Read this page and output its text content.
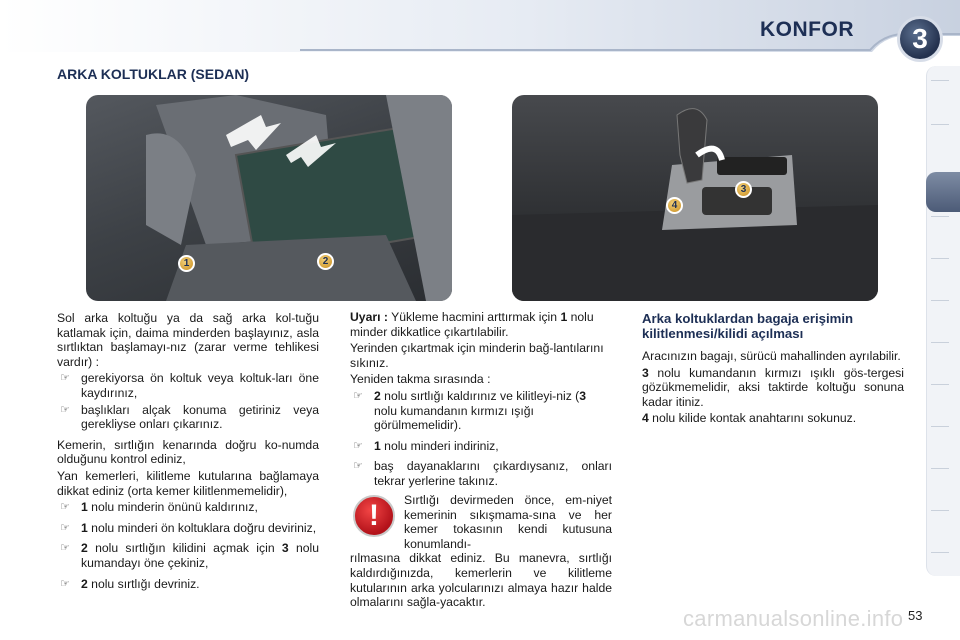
KONFOR	3
ARKA KOLTUKLAR (SEDAN)
1	2
3
4

Sol arka koltuğu ya da sağ arka kol-tuğu katlamak için, daima minderden başlayınız, asla sırtlıktan başlamayı-nız (zarar verme tehlikesi vardır) :

☞ gerekiyorsa ön koltuk veya koltuk-ları öne kaydırınız,
☞ başlıkları alçak konuma getiriniz veya gerekliyse onları çıkarınız.

Kemerin, sırtlığın kenarında doğru ko-numda olduğunu kontrol ediniz,

Yan kemerleri, kilitleme kutularına bağlamaya dikkat ediniz (orta kemer kilitlenmemelidir),

☞ 1 nolu minderin önünü kaldırınız,
☞ 1 nolu minderi ön koltuklara doğru deviriniz,
☞ 2 nolu sırtlığın kilidini açmak için 3 nolu kumandayı öne çekiniz,
☞ 2 nolu sırtlığı devriniz.

Uyarı : Yükleme hacmini arttırmak için 1 nolu minder dikkatlice çıkartılabilir.

Yerinden çıkartmak için minderin bağ-lantılarını sıkınız.

Yeniden takma sırasında :

☞ 2 nolu sırtlığı kaldırınız ve kilitleyi-niz (3 nolu kumandanın kırmızı ışığı görülmemelidir).
☞ 1 nolu minderi indiriniz,
☞ baş dayanaklarını çıkardıysanız, onları tekrar yerlerine takınız.
!	Sırtlığı devirmeden önce, em-niyet kemerinin sıkışmama-sına ve her kemer tokasının kendi kutusuna konumlandı-

rılmasına dikkat ediniz. Bu manevra, sırtlığı kaldırdığınızda, kemerlerin ve kilitleme kutularının arka yolcularınızı almaya hazır halde olmalarını sağla-yacaktır.

Arka koltuklardan bagaja erişimin kilitlenmesi/kilidi açılması

Aracınızın bagajı, sürücü mahallinden ayrılabilir.

3 nolu kumandanın kırmızı ışıklı gös-tergesi gözükmemelidir, aksi taktirde koltuğu sonuna kadar itiniz.

4 nolu kilide kontak anahtarını sokunuz.

carmanualsonline.info 53
